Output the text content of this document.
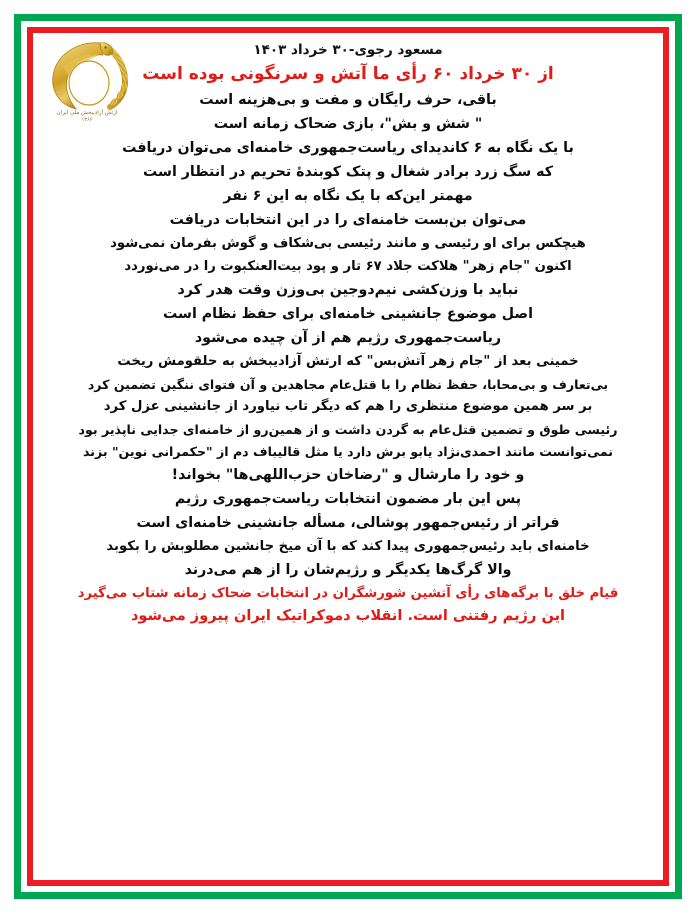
ارتش آزادیبخش ملی ایران
۱۳۶۶
مسعود رجوی-۳۰ خرداد ۱۴۰۳
از ۳۰ خرداد ۶۰ رأی ما آتش و سرنگونی بوده است
باقی، حرف رایگان و مفت و بی‌هزینه است
" شش و بش"، بازی ضحاک زمانه است
با یک نگاه به ۶ کاندیدای ریاست‌جمهوری خامنه‌ای می‌توان دریافت
که سگ زرد برادر شغال و پتک کوبندهٔ تحریم در انتظار است
مهمتر این‌که با یک نگاه به این ۶ نفر
می‌توان بن‌بست خامنه‌ای را در این انتخابات دریافت
هیچکس برای او رئیسی و مانند رئیسی بی‌شکاف و گوش بفرمان نمی‌شود
اکنون "جام زهر" هلاکت جلاد ۶۷ تار و پود بیت‌العنکبوت را در می‌نوردد
نباید با وزن‌کشی نیم‌دوجین بی‌وزن وقت هدر کرد
اصل موضوع جانشینی خامنه‌ای برای حفظ نظام است
ریاست‌جمهوری رژیم هم از آن چیده می‌شود
خمینی بعد از "جام زهر آتش‌بس" که ارتش آزادیبخش به حلقومش ریخت
بی‌تعارف و بی‌محابا، حفظ نظام را با قتل‌عام مجاهدین و آن فتوای ننگین تضمین کرد
بر سر همین موضوع منتظری را هم که دیگر تاب نیاورد از جانشینی عزل کرد
رئیسی طوق و تضمین قتل‌عام به گردن داشت و از همین‌رو از خامنه‌ای جدایی ناپذیر بود
نمی‌توانست مانند احمدی‌نژاد یابو برش دارد یا مثل قالیباف دم از "حکمرانی نوین" بزند
و خود را مارشال و "رضاخان حزب‌اللهی‌ها" بخواند!
پس این بار مضمون انتخابات ریاست‌جمهوری رژیم
فراتر از رئیس‌جمهور پوشالی، مسأله جانشینی خامنه‌ای است
خامنه‌ای باید رئیس‌جمهوری پیدا کند که با آن میخ جانشین مطلوبش را بکوبد
والا گرگ‌ها یکدیگر و رژیم‌شان را از هم می‌درند
قیام خلق با برگه‌های رأی آتشین شورشگران در انتخابات ضحاک زمانه شتاب می‌گیرد
این رژیم رفتنی است. انقلاب دموکراتیک ایران پیروز می‌شود
